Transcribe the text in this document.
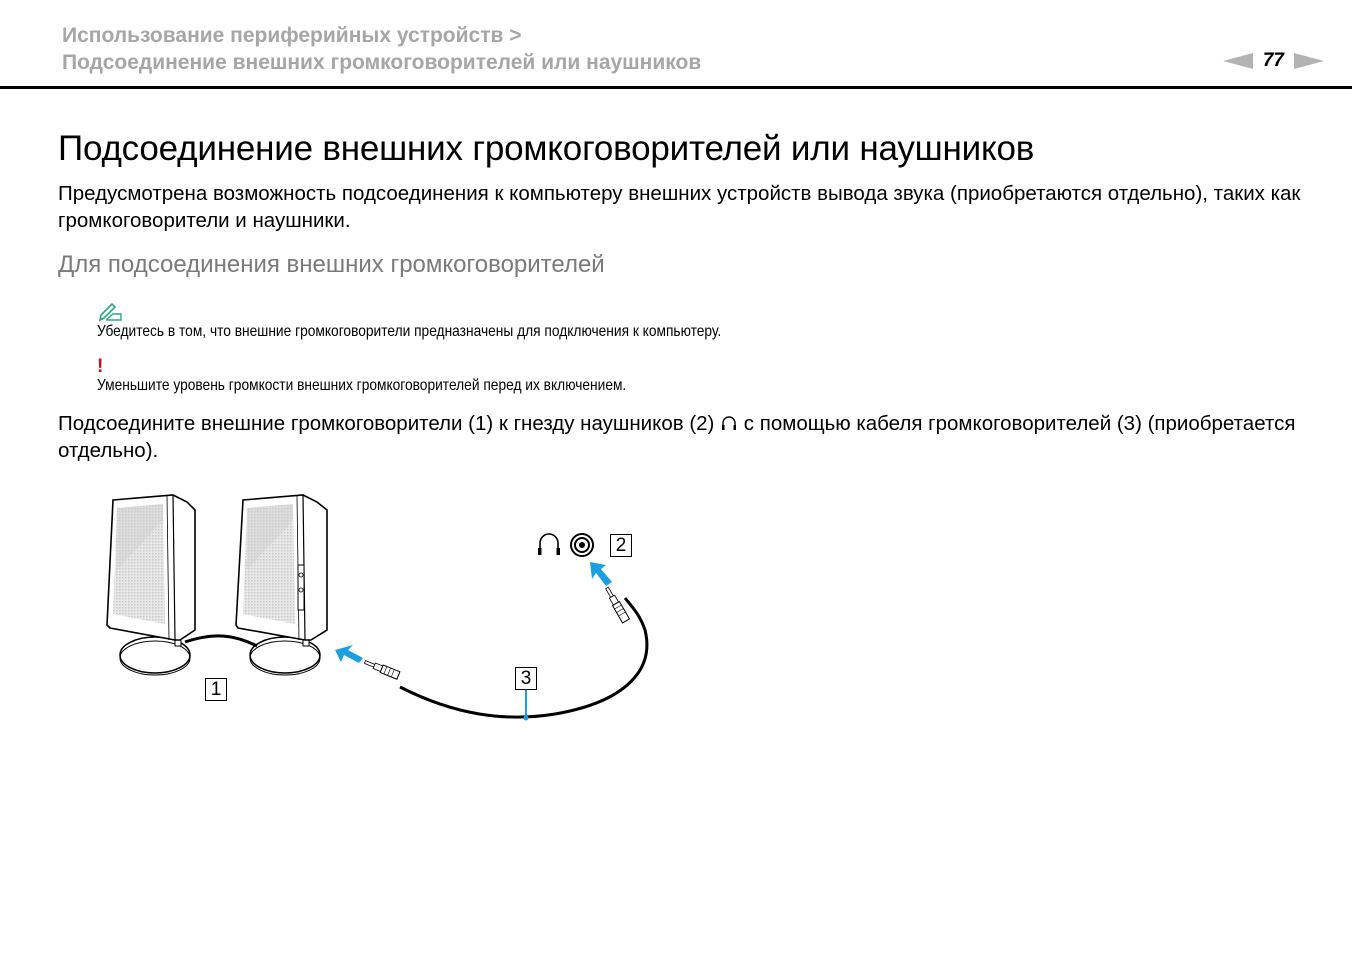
Использование периферийных устройств >
Подсоединение внешних громкоговорителей или наушников	77
Подсоединение внешних громкоговорителей или наушников
Предусмотрена возможность подсоединения к компьютеру внешних устройств вывода звука (приобретаются отдельно), таких как громкоговорители и наушники.
Для подсоединения внешних громкоговорителей
Убедитесь в том, что внешние громкоговорители предназначены для подключения к компьютеру.
!
Уменьшите уровень громкости внешних громкоговорителей перед их включением.
Подсоедините внешние громкоговорители (1) к гнезду наушников (2)  с помощью кабеля громкоговорителей (3) (приобретается отдельно).
1
2
3
